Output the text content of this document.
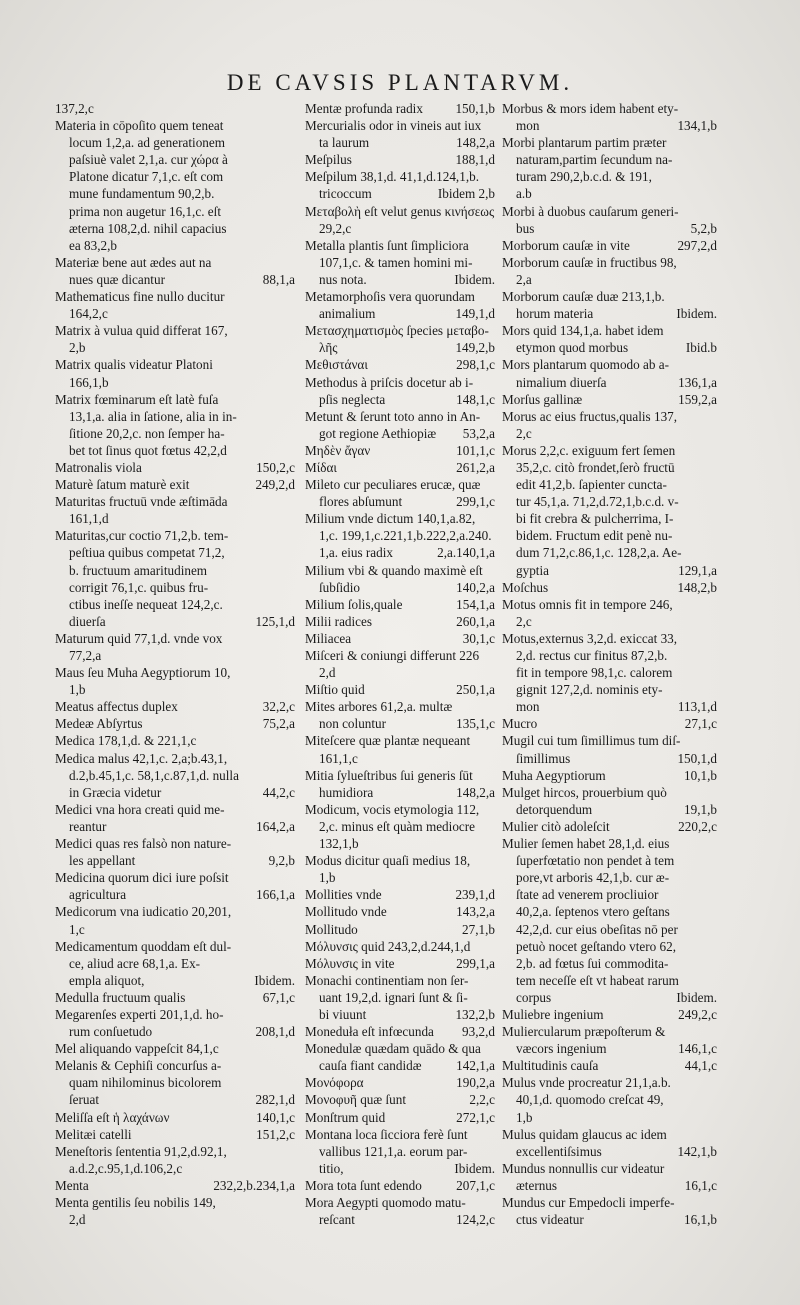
DE CAVSIS PLANTARVM.
137,2,c
Materia in cōpoſito quem teneat
locum 1,2,a. ad generationem
paſsiuè valet 2,1,a. cur χώρα à
Platone dicatur 7,1,c. eſt com
mune fundamentum 90,2,b.
prima non augetur 16,1,c. eſt
æterna 108,2,d. nihil capacius
ea 83,2,b
Materiæ bene aut ædes aut na
nues quæ dicantur	88,1,a
Mathematicus fine nullo ducitur
164,2,c
Matrix à vulua quid differat 167,
2,b
Matrix qualis videatur Platoni
166,1,b
Matrix fœminarum eſt latè fuſa
13,1,a. alia in ſatione, alia in in-
ſitione 20,2,c. non ſemper ha-
bet tot ſinus quot fœtus 42,2,d
Matronalis viola	150,2,c
Maturè ſatum maturè exit	249,2,d
Maturitas fructuū vnde æſtimāda
161,1,d
Maturitas,cur coctio 71,2,b. tem-
peſtiua quibus competat 71,2,
b. fructuum amaritudinem
corrigit 76,1,c. quibus fru-
ctibus ineſſe nequeat 124,2,c.
diuerſa	125,1,d
Maturum quid 77,1,d. vnde vox
77,2,a
Maus ſeu Muha Aegyptiorum 10,
1,b
Meatus affectus duplex	32,2,c
Medeæ Abſyrtus	75,2,a
Medica 178,1,d. & 221,1,c
Medica malus 42,1,c. 2,a;b.43,1,
d.2,b.45,1,c. 58,1,c.87,1,d. nulla
in Græcia videtur	44,2,c
Medici vna hora creati quid me-
reantur	164,2,a
Medici quas res falsò non nature-
les appellant	9,2,b
Medicina quorum dici iure poſsit
agricultura	166,1,a
Medicorum vna iudicatio 20,201,
1,c
Medicamentum quoddam eſt dul-
ce, aliud acre 68,1,a. Ex-
empla aliquot,	Ibidem.
Medulla fructuum qualis	67,1,c
Megarenſes experti 201,1,d. ho-
rum conſuetudo	208,1,d
Mel aliquando vappeſcit 84,1,c
Melanis & Cephiſi concurſus a-
quam nihilominus bicolorem
ſeruat	282,1,d
Meliſſa eſt ἡ λαχάνων	140,1,c
Melitæi catelli	151,2,c
Meneſtoris ſententia 91,2,d.92,1,
a.d.2,c.95,1,d.106,2,c
Menta	232,2,b.234,1,a
Menta gentilis ſeu nobilis 149,
2,d
Mentæ profunda radix	150,1,b
Mercurialis odor in vineis aut iux
ta laurum	148,2,a
Meſpilus	188,1,d
Meſpilum 38,1,d. 41,1,d.124,1,b.
tricoccum	Ibidem 2,b
Μεταβολὴ eſt velut genus κινήσεως
29,2,c
Metalla plantis ſunt ſimpliciora
107,1,c. & tamen homini mi-
nus nota.	Ibidem.
Metamorphoſis vera quorundam
animalium	149,1,d
Μετασχηματισμὸς ſpecies μεταβο-
λῆς	149,2,b
Μεθιστάναι	298,1,c
Methodus à priſcis docetur ab i-
pſis neglecta	148,1,c
Metunt & ſerunt toto anno in An-
got regione Aethiopiæ	53,2,a
Μηδὲν ἄγαν	101,1,c
Μίδαι	261,2,a
Mileto cur peculiares erucæ, quæ
flores abſumunt	299,1,c
Milium vnde dictum 140,1,a.82,
1,c. 199,1,c.221,1,b.222,2,a.240.
1,a. eius radix	2,a.140,1,a
Milium vbi & quando maximè eſt
ſubſidio	140,2,a
Milium ſolis,quale	154,1,a
Milii radices	260,1,a
Miliacea	30,1,c
Miſceri & coniungi differunt 226
2,d
Miſtio quid	250,1,a
Mites arbores 61,2,a. multæ
non coluntur	135,1,c
Miteſcere quæ plantæ nequeant
161,1,c
Mitia ſylueſtribus ſui generis ſūt
humidiora	148,2,a
Modicum, vocis etymologia 112,
2,c. minus eſt quàm mediocre
132,1,b
Modus dicitur quaſi medius 18,
1,b
Mollities vnde	239,1,d
Mollitudo vnde	143,2,a
Mollitudo	27,1,b
Μόλυνσις quid 243,2,d.244,1,d
Μόλυνσις in vite	299,1,a
Monachi continentiam non ſer-
uant 19,2,d. ignari ſunt & ſi-
bi viuunt	132,2,b
Moneduła eſt infœcunda	93,2,d
Monedulæ quædam quādo & qua
cauſa fiant candidæ	142,1,a
Μονόφορα	190,2,a
Μονοφυῆ quæ ſunt	2,2,c
Monſtrum quid	272,1,c
Montana loca ſicciora ferè ſunt
vallibus 121,1,a. eorum par-
titio,	Ibidem.
Mora tota ſunt edendo	207,1,c
Mora Aegypti quomodo matu-
reſcant	124,2,c
Morbus & mors idem habent ety-
mon	134,1,b
Morbi plantarum partim præter
naturam,partim ſecundum na-
turam 290,2,b.c.d. & 191,
a.b
Morbi à duobus cauſarum generi-
bus	5,2,b
Morborum cauſæ in vite	297,2,d
Morborum cauſæ in fructibus 98,
2,a
Morborum cauſæ duæ 213,1,b.
horum materia	Ibidem.
Mors quid 134,1,a. habet idem
etymon quod morbus	Ibid.b
Mors plantarum quomodo ab a-
nimalium diuerſa	136,1,a
Morſus gallinæ	159,2,a
Morus ac eius fructus,qualis 137,
2,c
Morus 2,2,c. exiguum fert ſemen
35,2,c. citò frondet,ſerò fructū
edit 41,2,b. ſapienter cuncta-
tur 45,1,a. 71,2,d.72,1,b.c.d. v-
bi fit crebra & pulcherrima, I-
bidem. Fructum edit penè nu-
dum 71,2,c.86,1,c. 128,2,a. Ae-
gyptia	129,1,a
Moſchus	148,2,b
Motus omnis fit in tempore 246,
2,c
Motus,externus 3,2,d. exiccat 33,
2,d. rectus cur finitus 87,2,b.
fit in tempore 98,1,c. calorem
gignit 127,2,d. nominis ety-
mon	113,1,d
Mucro	27,1,c
Mugil cui tum ſimillimus tum diſ-
ſimillimus	150,1,d
Muha Aegyptiorum	10,1,b
Mulget hircos, prouerbium quò
detorquendum	19,1,b
Mulier citò adoleſcit	220,2,c
Mulier ſemen habet 28,1,d. eius
ſuperfœtatio non pendet à tem
pore,vt arboris 42,1,b. cur æ-
ſtate ad venerem procliuior
40,2,a. ſeptenos vtero geſtans
42,2,d. cur eius obeſitas nō per
petuò nocet geſtando vtero 62,
2,b. ad fœtus ſui commodita-
tem neceſſe eſt vt habeat rarum
corpus	Ibidem.
Muliebre ingenium	249,2,c
Muliercularum præpoſterum &
væcors ingenium	146,1,c
Multitudinis cauſa	44,1,c
Mulus vnde procreatur 21,1,a.b.
40,1,d. quomodo creſcat 49,
1,b
Mulus quidam glaucus ac idem
excellentiſsimus	142,1,b
Mundus nonnullis cur videatur
æternus	16,1,c
Mundus cur Empedocli imperfe-
ctus videatur	16,1,b
